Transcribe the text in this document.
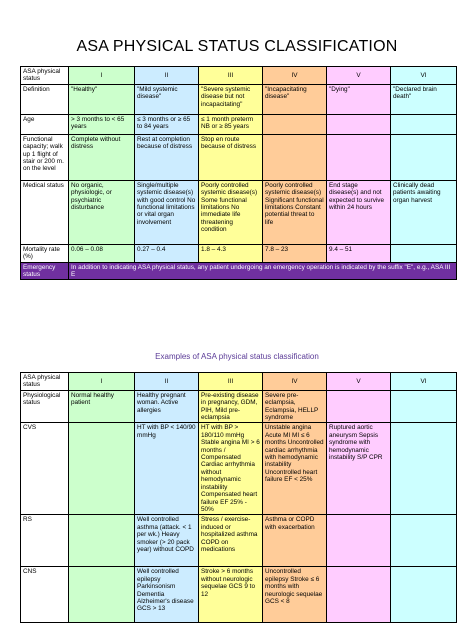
ASA PHYSICAL STATUS CLASSIFICATION
ASA physical status	I	II	III	IV	V	VI
Definition	"Healthy"	"Mild systemic disease"	"Severe systemic disease but not incapacitating"	"Incapacitating disease"	"Dying"	"Declared brain death"
Age	> 3 months to < 65 years	≤ 3 months or ≥ 65 to 84 years	≤ 1 month preterm NB or ≥ 85 years			
Functional capacity; walk up 1 flight of stair or 200 m. on the level	Complete without distress	Rest at completion because of distress	Stop en route because of distress			
Medical status	No organic, physiologic, or psychiatric disturbance	Single/multiple systemic disease(s) with good control No functional limitations or vital organ involvement	Poorly controlled systemic disease(s) Some functional limitations No immediate life threatening condition	Poorly controlled systemic disease(s) Significant functional limitations Constant potential threat to life	End stage disease(s) and not expected to survive within 24 hours	Clinically dead patients awaiting organ harvest
Mortality rate (%)	0.06 – 0.08	0.27 – 0.4	1.8 – 4.3	7.8 – 23	9.4 – 51	
Emergency status	In addition to indicating ASA physical status, any patient undergoing an emergency operation is indicated by the suffix "E", e.g., ASA III E					
Examples of ASA physical status classification
ASA physical status	I	II	III	IV	V	VI
Physiological status	Normal healthy patient	Healthy pregnant woman. Active allergies	Pre-existing disease in pregnancy, GDM, PIH, Mild pre-eclampsia	Severe pre-eclampsia, Eclampsia, HELLP syndrome		
CVS		HT with BP < 140/90 mmHg	HT with BP > 180/110 mmHg Stable angina MI > 6 months / Compensated Cardiac arrhythmia without hemodynamic instability Compensated heart failure EF 25% - 50%	Unstable angina Acute MI MI ≤ 6 months Uncontrolled cardiac arrhythmia with hemodynamic instability Uncontrolled heart failure EF < 25%	Ruptured aortic aneurysm Sepsis syndrome with hemodynamic instability S/P CPR	
RS		Well controlled asthma (attack. < 1 per wk.) Heavy smoker (> 20 pack year) without COPD	Stress / exercise-induced or hospitalized asthma COPD on medications	Asthma or COPD with exacerbation		
CNS		Well controlled epilepsy Parkinsonism Dementia Alzheimer's disease GCS > 13	Stroke > 6 months without neurologic sequelae GCS 9 to 12	Uncontrolled epilepsy Stroke ≤ 6 months with neurologic sequelae GCS < 8		
